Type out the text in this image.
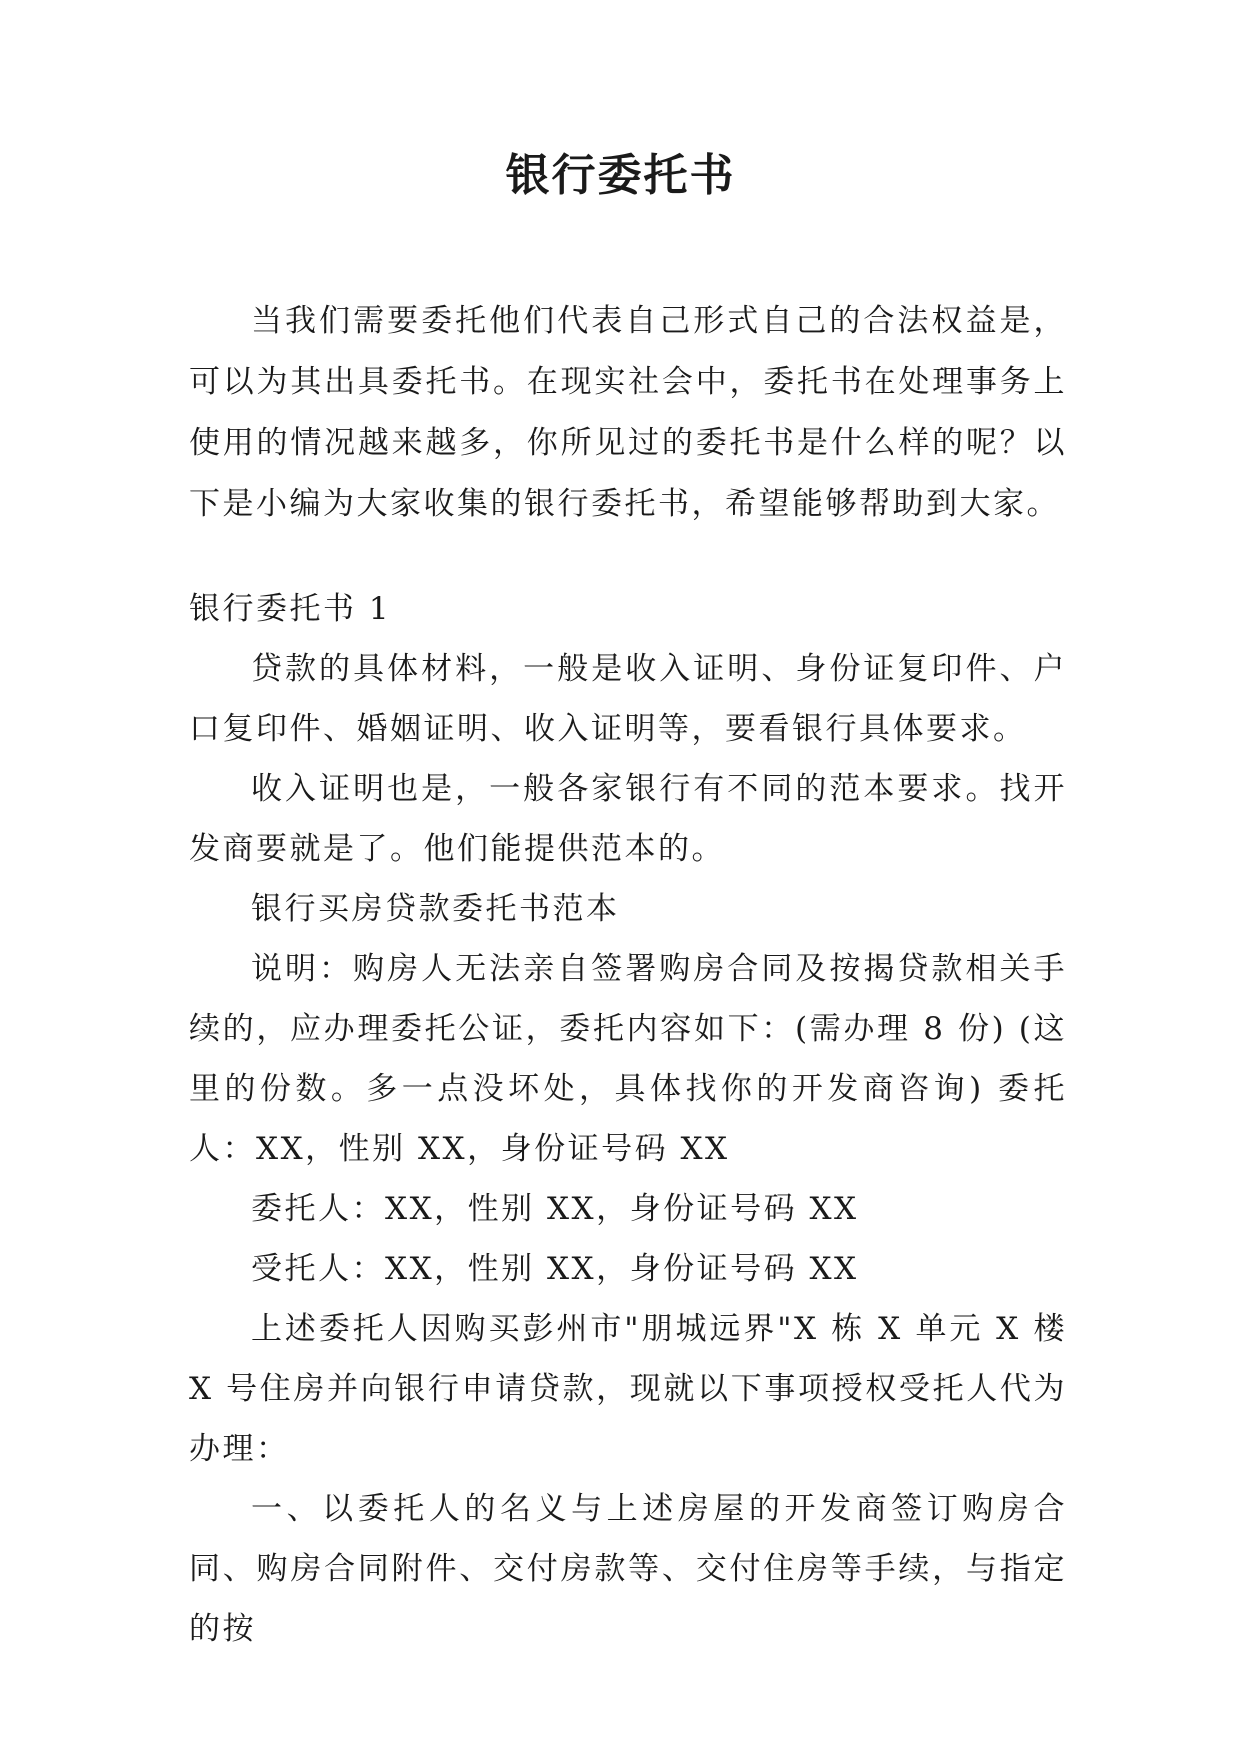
银行委托书

当我们需要委托他们代表自己形式自己的合法权益是，可以为其出具委托书。在现实社会中，委托书在处理事务上使用的情况越来越多，你所见过的委托书是什么样的呢？以下是小编为大家收集的银行委托书，希望能够帮助到大家。

银行委托书 1

贷款的具体材料，一般是收入证明、身份证复印件、户口复印件、婚姻证明、收入证明等，要看银行具体要求。

收入证明也是，一般各家银行有不同的范本要求。找开发商要就是了。他们能提供范本的。

银行买房贷款委托书范本

说明：购房人无法亲自签署购房合同及按揭贷款相关手续的，应办理委托公证，委托内容如下：(需办理 8 份) (这里的份数。多一点没坏处，具体找你的开发商咨询) 委托人：XX，性别 XX，身份证号码 XX

委托人：XX，性别 XX，身份证号码 XX

受托人：XX，性别 XX，身份证号码 XX

上述委托人因购买彭州市"朋城远界"X 栋 X 单元 X 楼 X 号住房并向银行申请贷款，现就以下事项授权受托人代为办理：

一、以委托人的名义与上述房屋的开发商签订购房合同、购房合同附件、交付房款等、交付住房等手续，与指定的按
